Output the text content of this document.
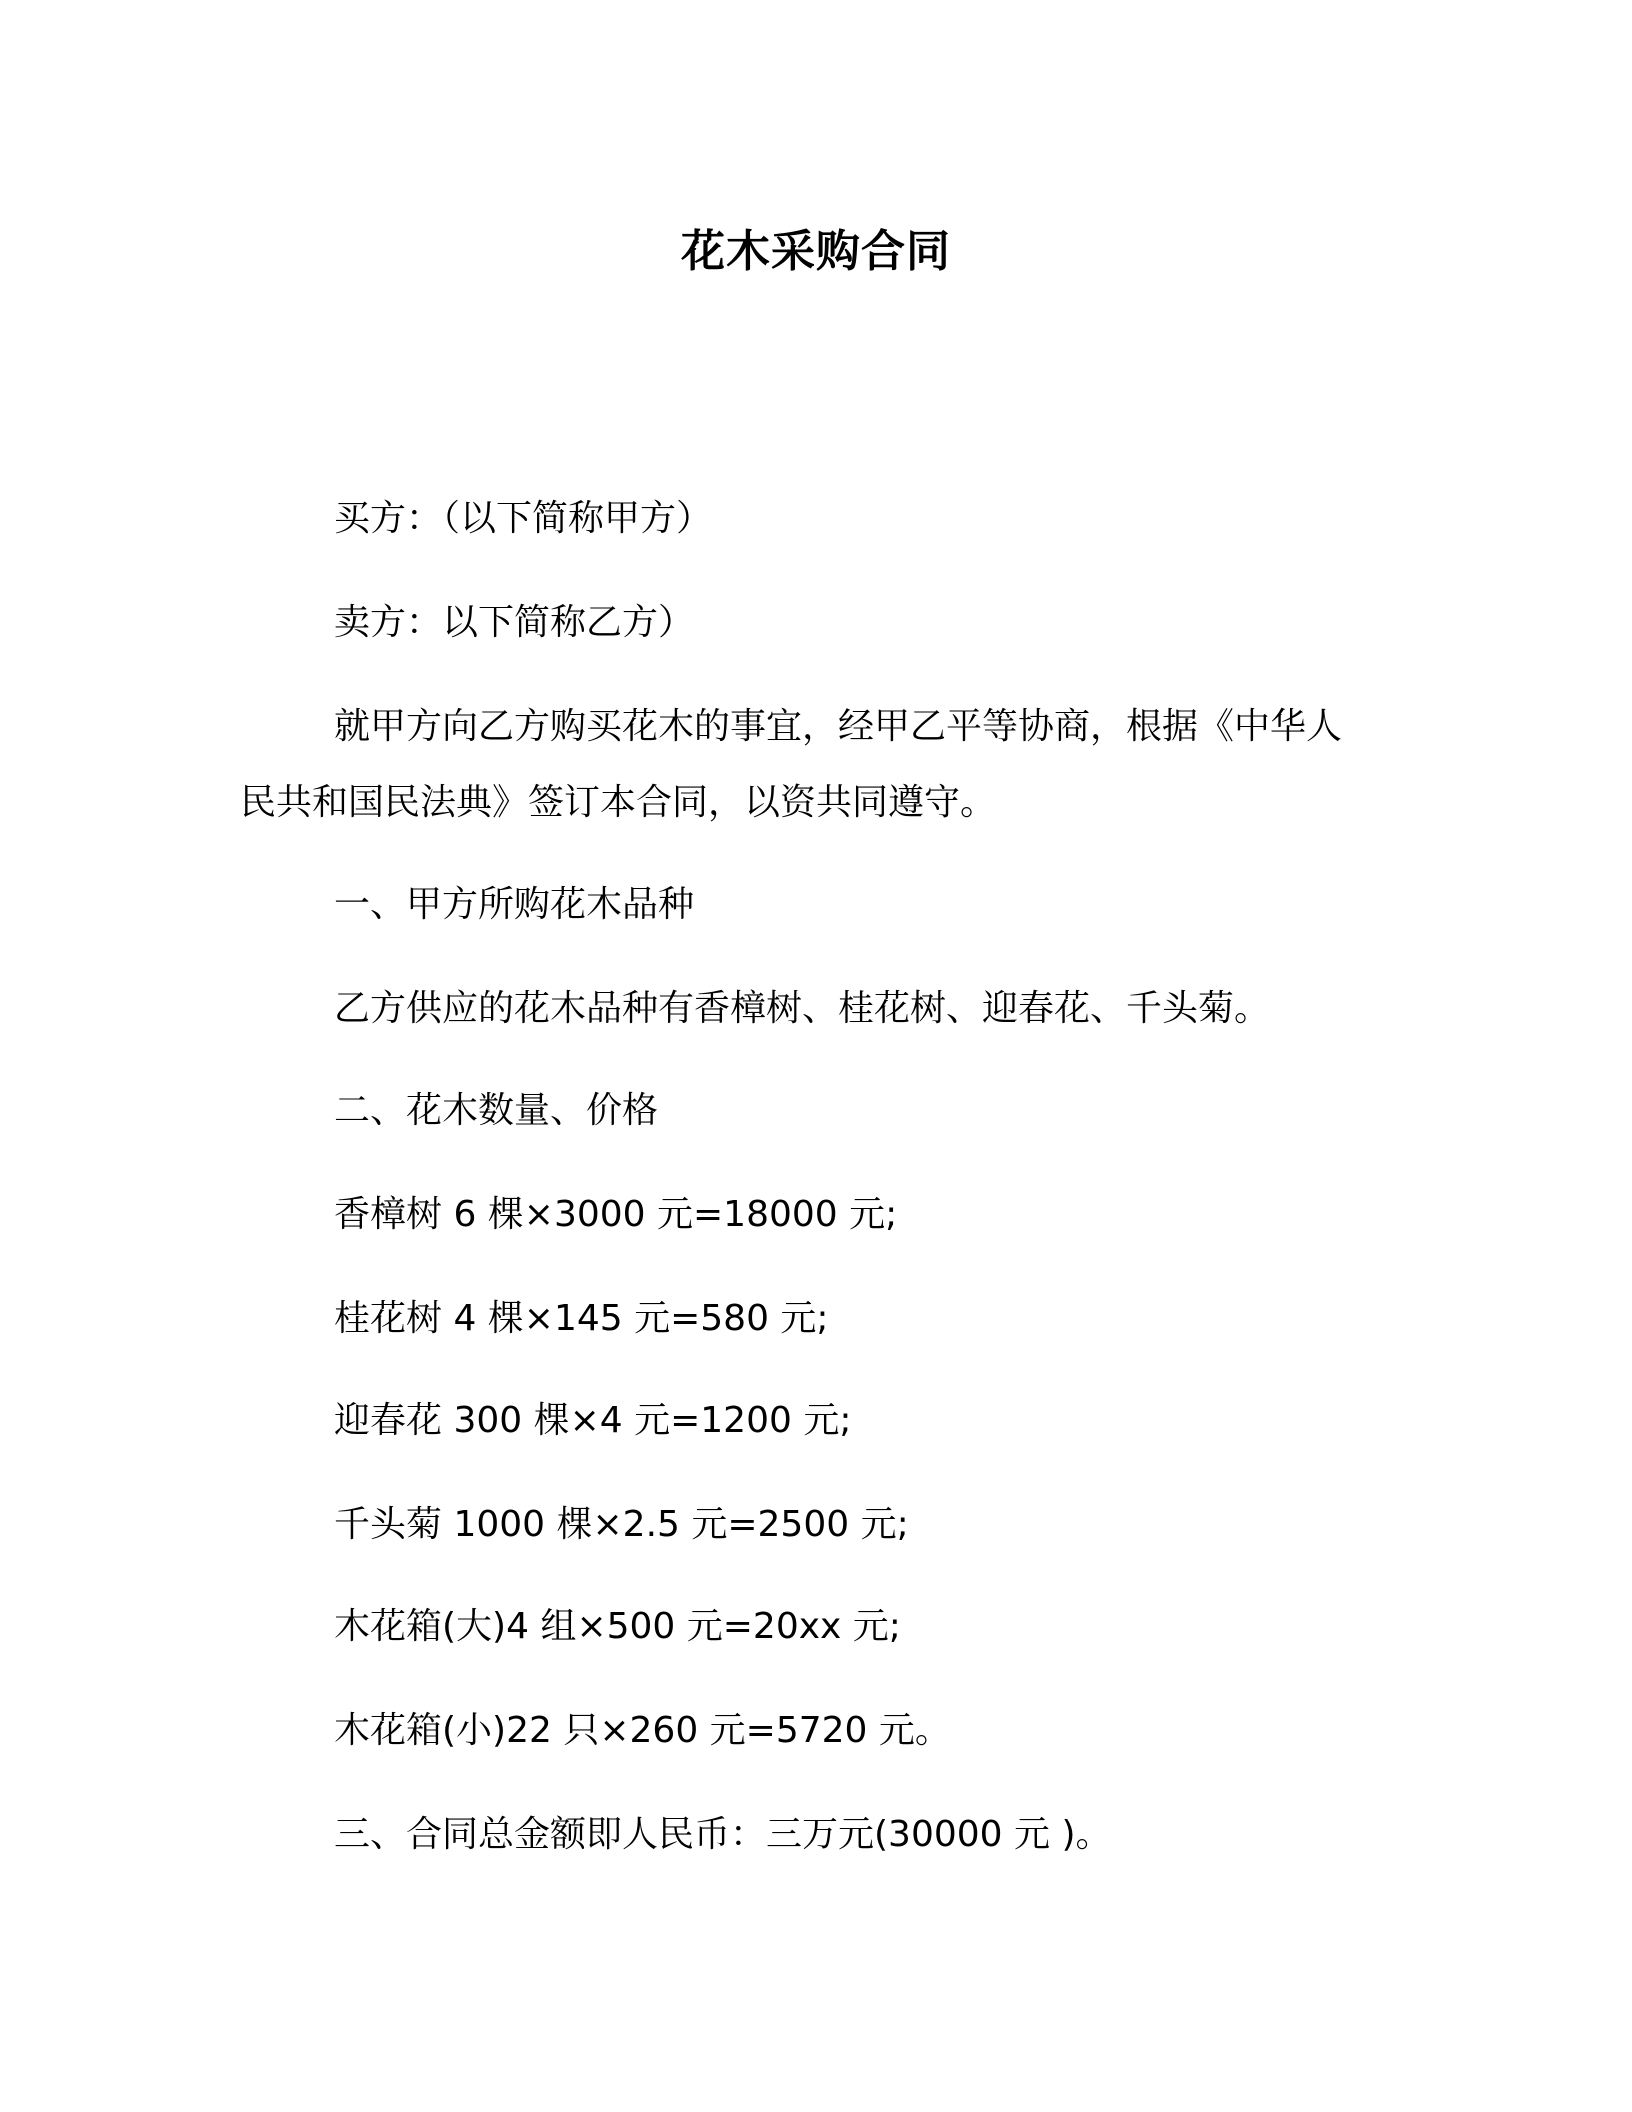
花木采购合同

买方：（以下简称甲方）

卖方：以下简称乙方）

就甲方向乙方购买花木的事宜，经甲乙平等协商，根据《中华人

民共和国民法典》签订本合同，以资共同遵守。

一、甲方所购花木品种

乙方供应的花木品种有香樟树、桂花树、迎春花、千头菊。

二、花木数量、价格

香樟树 6 棵×3000 元=18000 元;

桂花树 4 棵×145 元=580 元;

迎春花 300 棵×4 元=1200 元;

千头菊 1000 棵×2.5 元=2500 元;

木花箱(大)4 组×500 元=20xx 元;

木花箱(小)22 只×260 元=5720 元。

三、合同总金额即人民币：三万元(30000 元 )。
